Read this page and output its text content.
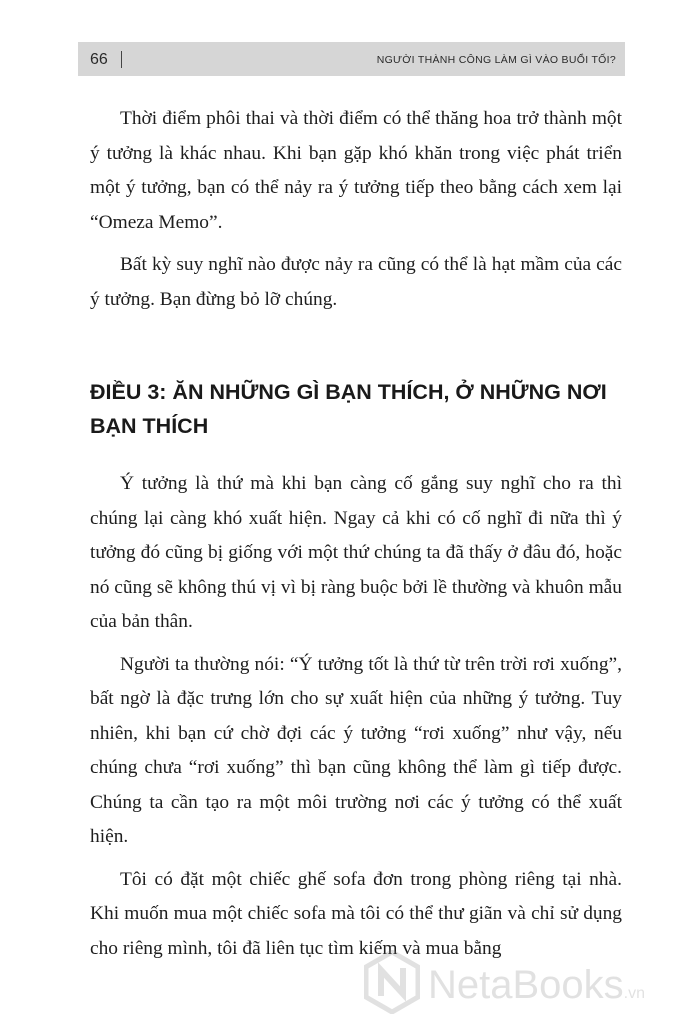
66	NGƯỜI THÀNH CÔNG LÀM GÌ VÀO BUỔI TỐI?

Thời điểm phôi thai và thời điểm có thể thăng hoa trở thành một ý tưởng là khác nhau. Khi bạn gặp khó khăn trong việc phát triển một ý tưởng, bạn có thể nảy ra ý tưởng tiếp theo bằng cách xem lại “Omeza Memo”.

Bất kỳ suy nghĩ nào được nảy ra cũng có thể là hạt mầm của các ý tưởng. Bạn đừng bỏ lỡ chúng.

ĐIỀU 3: ĂN NHỮNG GÌ BẠN THÍCH, Ở NHỮNG NƠI BẠN THÍCH

Ý tưởng là thứ mà khi bạn càng cố gắng suy nghĩ cho ra thì chúng lại càng khó xuất hiện. Ngay cả khi có cố nghĩ đi nữa thì ý tưởng đó cũng bị giống với một thứ chúng ta đã thấy ở đâu đó, hoặc nó cũng sẽ không thú vị vì bị ràng buộc bởi lề thường và khuôn mẫu của bản thân.

Người ta thường nói: “Ý tưởng tốt là thứ từ trên trời rơi xuống”, bất ngờ là đặc trưng lớn cho sự xuất hiện của những ý tưởng. Tuy nhiên, khi bạn cứ chờ đợi các ý tưởng “rơi xuống” như vậy, nếu chúng chưa “rơi xuống” thì bạn cũng không thể làm gì tiếp được. Chúng ta cần tạo ra một môi trường nơi các ý tưởng có thể xuất hiện.

Tôi có đặt một chiếc ghế sofa đơn trong phòng riêng tại nhà. Khi muốn mua một chiếc sofa mà tôi có thể thư giãn và chỉ sử dụng cho riêng mình, tôi đã liên tục tìm kiếm và mua bằng

NetaBooks.vn
